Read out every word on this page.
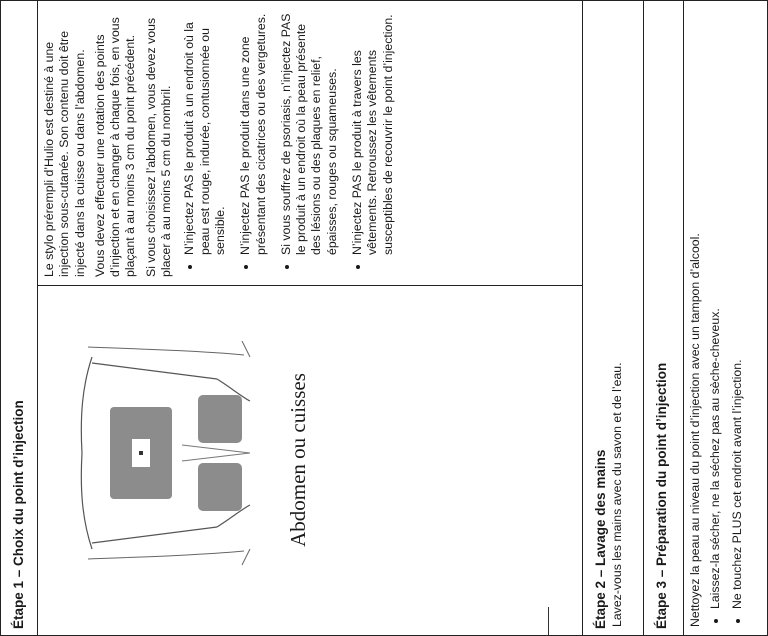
Étape 1 – Choix du point d’injection	Abdomen ou cuisses

Le stylo prérempli d’Hulio est destiné à une injection sous-cutanée. Son contenu doit être injecté dans la cuisse ou dans l’abdomen. Vous devez effectuer une rotation des points d’injection et en changer à chaque fois, en vous plaçant à au moins 3 cm du point précédent. Si vous choisissez l’abdomen, vous devez vous placer à au moins 5 cm du nombril. • N’injectez PAS le produit à un endroit où la peau est rouge, indurée, contusionnée ou sensible. • N’injectez PAS le produit dans une zone présentant des cicatrices ou des vergetures. • Si vous souffrez de psoriasis, n’injectez PAS le produit à un endroit où la peau présente des lésions ou des plaques en relief, épaisses, rouges ou squameuses. • N’injectez PAS le produit à travers les vêtements. Retroussez les vêtements susceptibles de recouvrir le point d’injection.
Étape 2 – Lavage des mains Lavez-vous les mains avec du savon et de l’eau.	Étape 3 – Préparation du point d’injection	Nettoyez la peau au niveau du point d’injection avec un tampon d’alcool. • Laissez-la sécher, ne la séchez pas au sèche-cheveux. • Ne touchez PLUS cet endroit avant l’injection.
